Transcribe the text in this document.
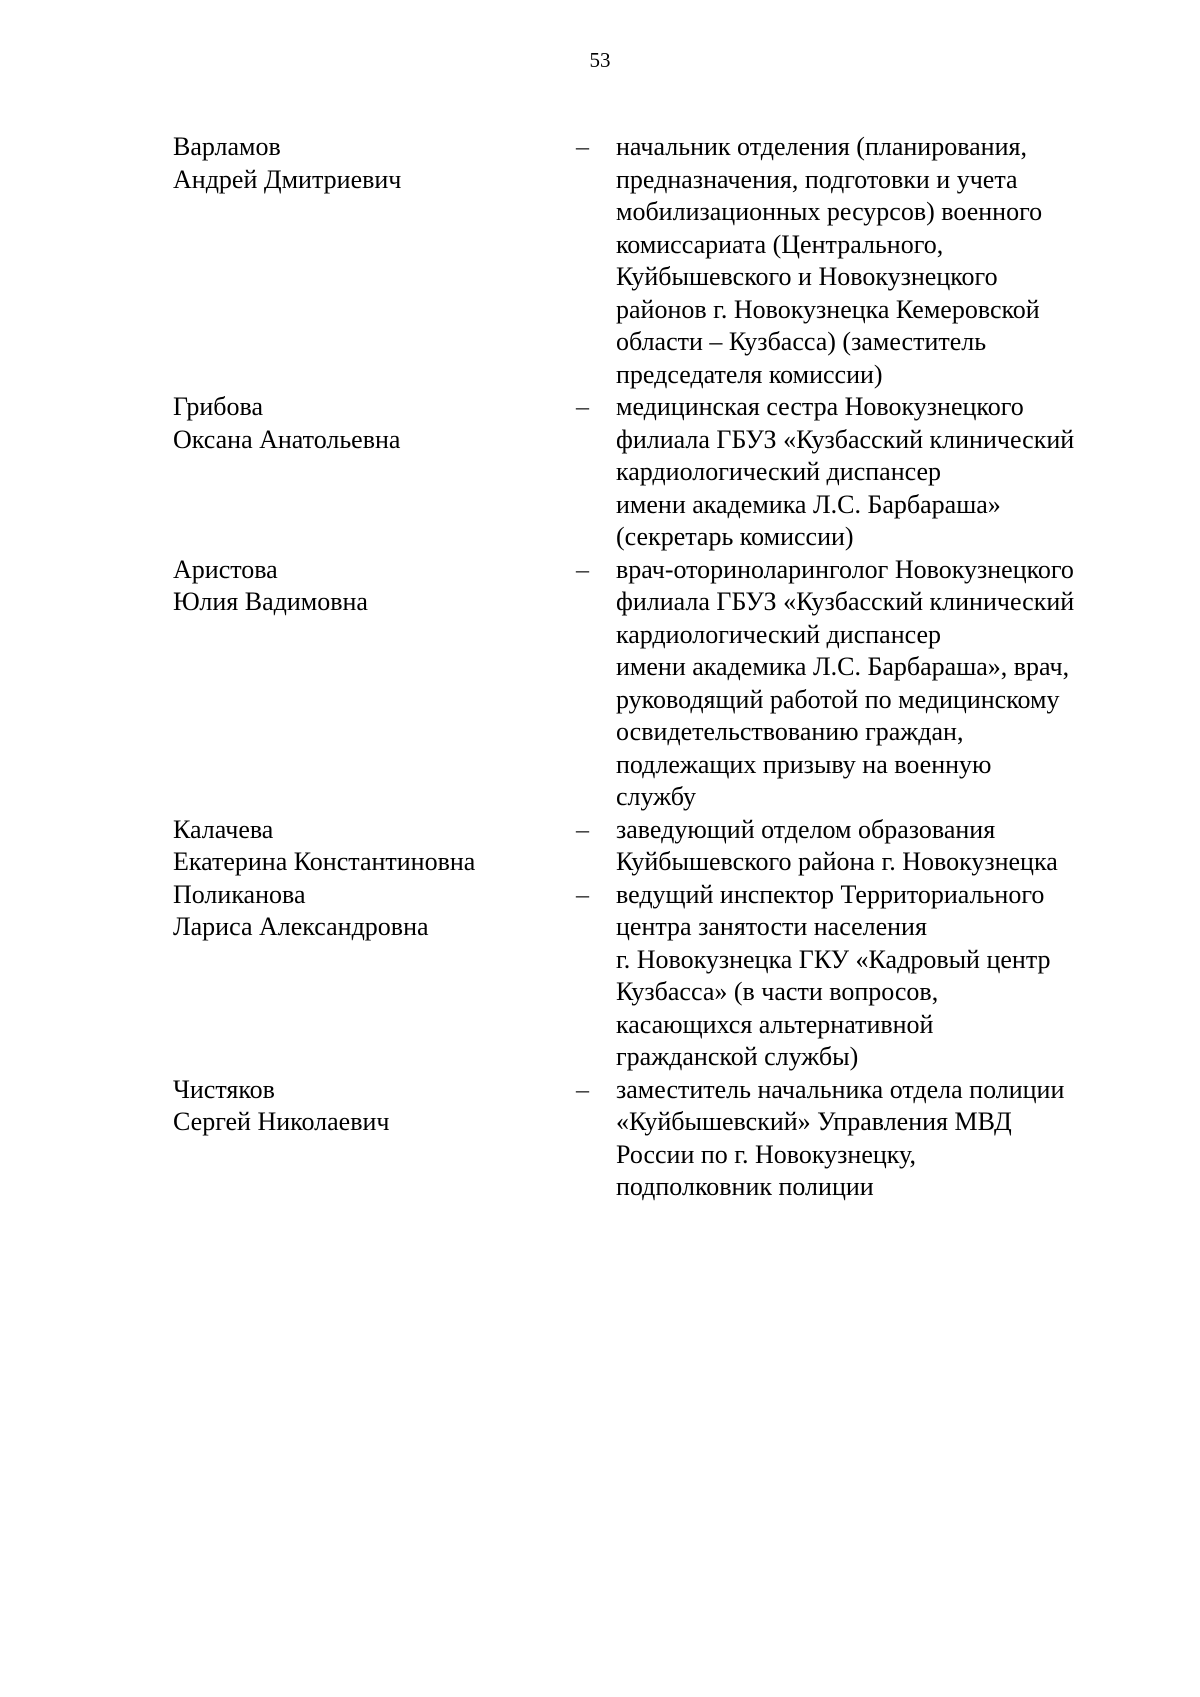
53
Варламов
Андрей Дмитриевич
–	начальник отделения (планирования,
предназначения, подготовки и учета
мобилизационных ресурсов) военного
комиссариата (Центрального,
Куйбышевского и Новокузнецкого
районов г. Новокузнецка Кемеровской
области – Кузбасса) (заместитель
председателя комиссии)
Грибова
Оксана Анатольевна
–	медицинская сестра Новокузнецкого
филиала ГБУЗ «Кузбасский клинический
кардиологический диспансер
имени академика Л.С. Барбараша»
(секретарь комиссии)
Аристова
Юлия Вадимовна
–	врач-оториноларинголог Новокузнецкого
филиала ГБУЗ «Кузбасский клинический
кардиологический диспансер
имени академика Л.С. Барбараша», врач,
руководящий работой по медицинскому
освидетельствованию граждан,
подлежащих призыву на военную
службу
Калачева
Екатерина Константиновна
–	заведующий отделом образования
Куйбышевского района г. Новокузнецка
Поликанова
Лариса Александровна
–	ведущий инспектор Территориального
центра занятости населения
г. Новокузнецка ГКУ «Кадровый центр
Кузбасса» (в части вопросов,
касающихся альтернативной
гражданской службы)
Чистяков
Сергей Николаевич
–	заместитель начальника отдела полиции
«Куйбышевский» Управления МВД
России по г. Новокузнецку,
подполковник полиции
